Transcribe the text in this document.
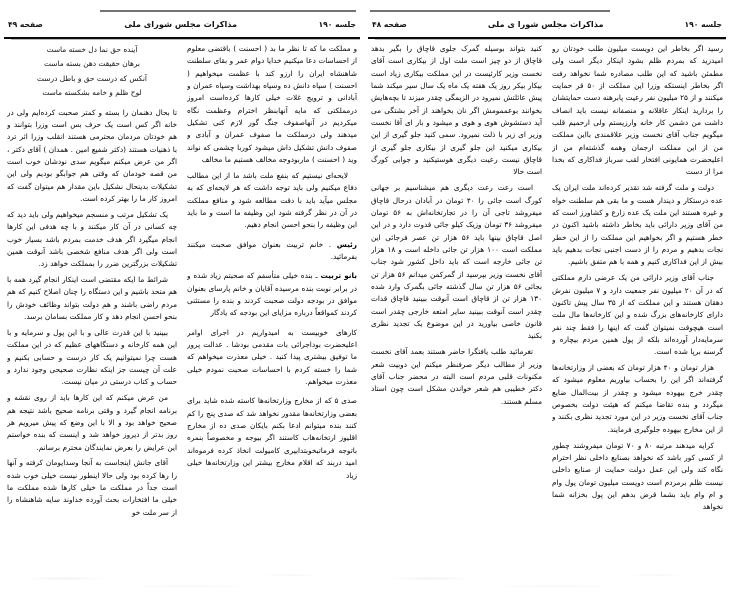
جلسه ۱۹۰
مذاکرات مجلس شورا ی ملی
صفحه ۴۸

رسید اگر بخاطر این دویست میلیون طلب خودتان رو امیدزید که بمردم ظلم بشود اینکار دیگر است ولی مطمئن باشید که این طلب مصادره شما نخواهد رفت اگر بخاطر اینستکه وزرا این مملکت از ۵۰ قر حمایت میکنند و از ۲۵ میلیون نفر رعیت پابرهنه دست حمایتشان را بردارید اینکار عاقلانه و منصفانه نیست باید انصاف داشت من دشمن کار خانه وارزیستم ولی ارحمیم قلب میگویم جناب آقای نخست وزیر علاقمندی بااین مملکت من از این مملکت ارجمان وهمه گذشته‌ام من از اعلیحضرت همایونی افتخار لقب سرباز فداکاری که بخدا مرا از دست

دولت و ملت گرفته شد تقدیر کرده‌اند ملت ایران یک عده درستکار و دیندار هست و ما بقی هم سلطنت خواه و غیره هستند این ملت یک عده زارع و کشاورز است که من آقای وزیر دارائی باید بخاطر داشته باشید اکنون در خطر هستیم و اگر بخواهیم این مملکت را از این خطر نجات بدهیم و مردم را از دست اجنبی نجات بدهیم باید بیش از این فداکاری کنیم و همه با هم متفق باشیم.

جناب آقای وزیر دارائی من یک عرضی دارم مملکتی که در آن ۲۰ میلیون نفر جمعیت دارد و ۷ میلیون نفرش دهقان هستند و این مملکت که از ۳۵ سال پیش تاکنون دارای کارخانه‌های بزرگ شده و این کارخانه‌ها مال ملت است هیچوقت نمیتوان گفت که اینها را فقط چند نفر سرمایه‌دار آورده‌اند بلکه از پول همین مردم بیچاره و گرسنه برپا شده است.

هزار تومان و ۴۰ هزار تومان که بعضی از وزارتخانه‌ها گرفته‌اند اگر این را بحساب بیاوریم معلوم میشود که چقدر خرج بیهوده میشود و چقدر از بیت‌المال ضایع میگردد و بنده تقاضا میکنم که هیئت دولت بخصوص جناب آقای نخست وزیر در این مورد تجدید نظری بکنند و از این مخارج بیهوده جلوگیری فرمایند.

کرایه میدهند مرتبه ۸۰ و ۷۰ تومان میفروشند چطور از کسی کور باشد که نخواهد بصنایع داخلی نظر احترام نگاه کند ولی این عمل دولت حمایت از صنایع داخلی نیست ظلم برمردم است دویست میلیون تومان پول وام و ام وام باید بشما قرض بدهم این پول بخزانه شما نخواهد

کنید بتواند بوسیله گمرک جلوی قاچاق را بگیر بدهد قاچاق از دو چیز است ملت اول از بیکاری است آقای نخست وزیر کارئیست در این مملکت بیکاری زیاد است بیکار بیکر روز یک هفته یک ماه یک سال سیر میکند شما پیش عائلتش نمیرود در الزیمگی چقدر میزند تا بچه‌هایش بخوانند بوعممومش اگر نان بخواهند از آخر بشتگی می آید دستشوش هوی و هوی و میشود و بار ای آقا نخست وزیر ای زیر با ذلت نمیرود. سمی کنید جلو گیری از این بیکاری میکنید این جلو گیری از بیکاری جلو گیری از قاچاق نیست رعیت دیگری هوستیکنید و جوابی کورگ است حالا

است رعت رعت دیگری هم میشناسیم بر جهانی کورگ است جائی را ۴۰ تومان در آبادان درحال قاچاق میفروشد تاجی آن را در تجارتخانه‌اش به ۵۶ تومان میفروشد ۳۶ تومان وزیک کیلو جائی قدوت دارد و در این اصل قاچاق بینها باید ۵۶ هزار تن عصر فرجائی این مملکت است ۱۰۰ هزار تن جائی داخله است و ۱۸ هزار تن جائی خارجه است که باید داخل کشور شود جناب آقای نخست وزیر بپرسید از گمرکمن میدانم ۵۶ هزار تن بجائی ۵۶ هزار تن سال گذشته جائی بگمرک وارد شده ۱۳۰ هزار تن از قاچاق است آنوقت ببینید قاچاق قدات چقدر است آنوقت ببینید سایر امتعه خارجی چقدر است قانون خاصی بیاورید در این موضوع یک تجدید نظری بکنید

تغرمائید طلب یافتگرا حاضر هستند بعمد آقای نخست وزیر از مطالب دیگر صرفنظر میکنم این دوبیت شعر مکنونات قلبی مردم است البته در محضر جناب آقای دکتر خطیبی هم شعر خواندن مشکل است چون استاد مسلم هستند.

جلسه ۱۹۰
مذاکرات مجلس شورای ملی
صفحه ۴۹

و مملکت ما که تا نظر ما بد ( احسنت ) باقتضی معلوم از احساسات دعا میکنیم خدایا دوام عمر و بقای سلطنت شاهنشاه ایران را ارزو کند با عظمت میخواهیم ( احسنت ) سپاه دانش ده وسپاه بهداشت وسپاه عمران و آبادانی و ترویج غلات خیلی کارها کرده‌است امروز درمملکتی که مایه آنهابنظر اخترام وعظمت نگاه میکردیم در آنهاصفوف جنگ گور لازم کنی تشکیل میدهند ولی درمملکت ما صفوف عمران و آبادی و صفوف دانش تشکیل داش میشود کوربا چشمی که نواند وید ( احسنت ) ماربودوجه مخالف هستیم ما مخالف

لایحه‌ای نیستیم که بنفع ملت باشد ما از این مطالب دفاع میکنیم ولی باید توجه داشت که هر لایحه‌ای که به مجلس میآید باید با دقت مطالعه شود و منافع مملکت در آن در نظر گرفته شود این وظیفه ما است و ما باید این وظیفه را بنحو احسن انجام دهیم.

رئیس . خانم تربیت بعنوان موافق صحبت میکنند بفرمائید.

بانو تربیت ـ بنده خیلی متأسفم که صحبتم زیاد شده و در برابر نوبت بنده مرسیده آقایان و خانم پارسای بعنوان موافق در بودجه دولت صحبت کردند و بنده را مستثنی کردند کمواقعاً درباره مزایای این بودجه که یادگار

کارهای خوبیست به امیدواریم در اجرای اوامر اعلیحضرت بوداجرائی بات مقدمی بودشا . عدالت پرور ما توفیق بیشتری پیدا کنید . خیلی معذرت میخواهم که شما را خسته کردم با احساسات صحبت نمودم خیلی معذرت میخواهم.

صدی ۵ که از مخارج وزارتخانه‌ها کاسته شده شاید برای بعضی وزارتخانه‌ها مقدور نخواهد شد که صدی پنج را کم کنند بنده میتوانم ادعا بکنم بایکان صدی ده از مخارج اقلیوز ارتخانه‌هاب کاستند اگر بیوجه و مخصوصاً بنمره باتوجه فرماتبخوبتدابیری کامیولت انخاذ کرده فرموه‌اند امید دربند که اقلام مخارج بیشتر این وزارتخانه‌ها خیلی زیاد

آینده حق نما دل خسته ماست

برهان حقیقت دهن بسته ماست

آنکس که درست حق و باطل درست

لوح ظلم و خامه بشکسته ماست

تا بحال دهنمان را بسته و کمتر صحبت کرده‌ایم ولی در خانه اگر کس است یک حرف بس است وزرا بتوانند و هم خودتان مردمان محترمی هستند انقلب وزرا اثر ترد با ذهنیات هستند (دکتر شفیع امین . همدان ) آقای دکتر ، اگر من عرض میکنم میگویم سدی نودشان خوب است من قصه خودمان که وقتی هم جوابگو بودیم ولی این تشکیلات بدینحال نشکیل باین مقدار هم میتوان گفت که امروز کار ما را بهتر کرده است.

یک تشکیل مرتب و منسجم میخواهیم ولی باید دید که چه کسانی در آن کار میکنند و با چه هدفی این کارها انجام میگیرد اگر هدف خدمت بمردم باشد بسیار خوب است ولی اگر هدف منافع شخصی باشد آنوقت همین تشکیلات بزرگترین ضرر را بمملکت خواهد زد.

شرائط ما ایکه مقتضی است اینکار انجام گیرد همه با هم متحد باشیم و این دستگاه را چنان اصلاح کنیم که هم مردم راضی باشند و هم دولت بتواند وظائف خودش را بنحو احسن انجام دهد و کار مملکت بسامان برسد.

ببینید با این قدرت عالی و با این پول و سرمایه و با این همه کارخانه و دستگاههای عظیم که در این مملکت هست چرا نمیتوانیم یک کار درست و حسابی بکنیم و علت آن چیست جز اینکه نظارت صحیحی وجود ندارد و حساب و کتاب درستی در میان نیست.

من عرض میکنم که این کارها باید از روی نقشه و برنامه انجام گیرد و وقتی برنامه صحیح باشد نتیجه هم صحیح خواهد بود و الا با این وضع که پیش میرویم هر روز بدتر از دیروز خواهد شد و اینست که بنده خواستم این عرایض را بعرض نمایندگان محترم برسانم.

آقای جانش اینجاست به آنجا وسدایومان کرفته و آنها را رها کرده بود ولی حالا اینطور نیست خیلی خوب شده است جداً در مملکت ما خیلی کارها شده مملکت ما خیلی ما افتخارات بحث آورده خداوند سایه شاهنشاه را از سر ملت خو
